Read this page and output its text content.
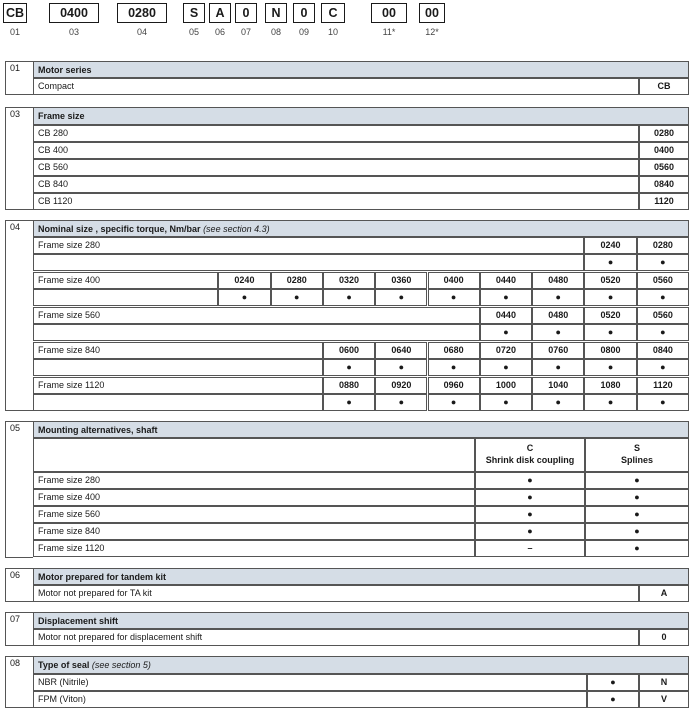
CB	0400	0280	S	A	0	N	0	C	00	00
01	03	04	05	06	07	08	09	10	11*	12*
01	Motor series
Compact	CB
03	Frame size
CB 280	0280
CB 400	0400
CB 560	0560
CB 840	0840
CB 1120	1120
04	Nominal size , specific torque, Nm/bar (see section 4.3)
Frame size 280	0240	0280
●	●
Frame size 400	0240	0280	0320	0360	0400	0440	0480	0520	0560
●	●	●	●	●	●	●	●	●
Frame size 560	0440	0480	0520	0560
●	●	●	●
Frame size 840	0600	0640	0680	0720	0760	0800	0840
●	●	●	●	●	●	●
Frame size 1120	0880	0920	0960	1000	1040	1080	1120
●	●	●	●	●	●	●
05	Mounting alternatives, shaft
C
Shrink disk coupling
S
Splines
Frame size 280	●	●
Frame size 400	●	●
Frame size 560	●	●
Frame size 840	●	●
Frame size 1120	–	●
06	Motor prepared for tandem kit
Motor not prepared for TA kit	A
07	Displacement shift
Motor not prepared for displacement shift	0
08	Type of seal (see section 5)
NBR (Nitrile)	●	N
FPM (Viton)	●	V
